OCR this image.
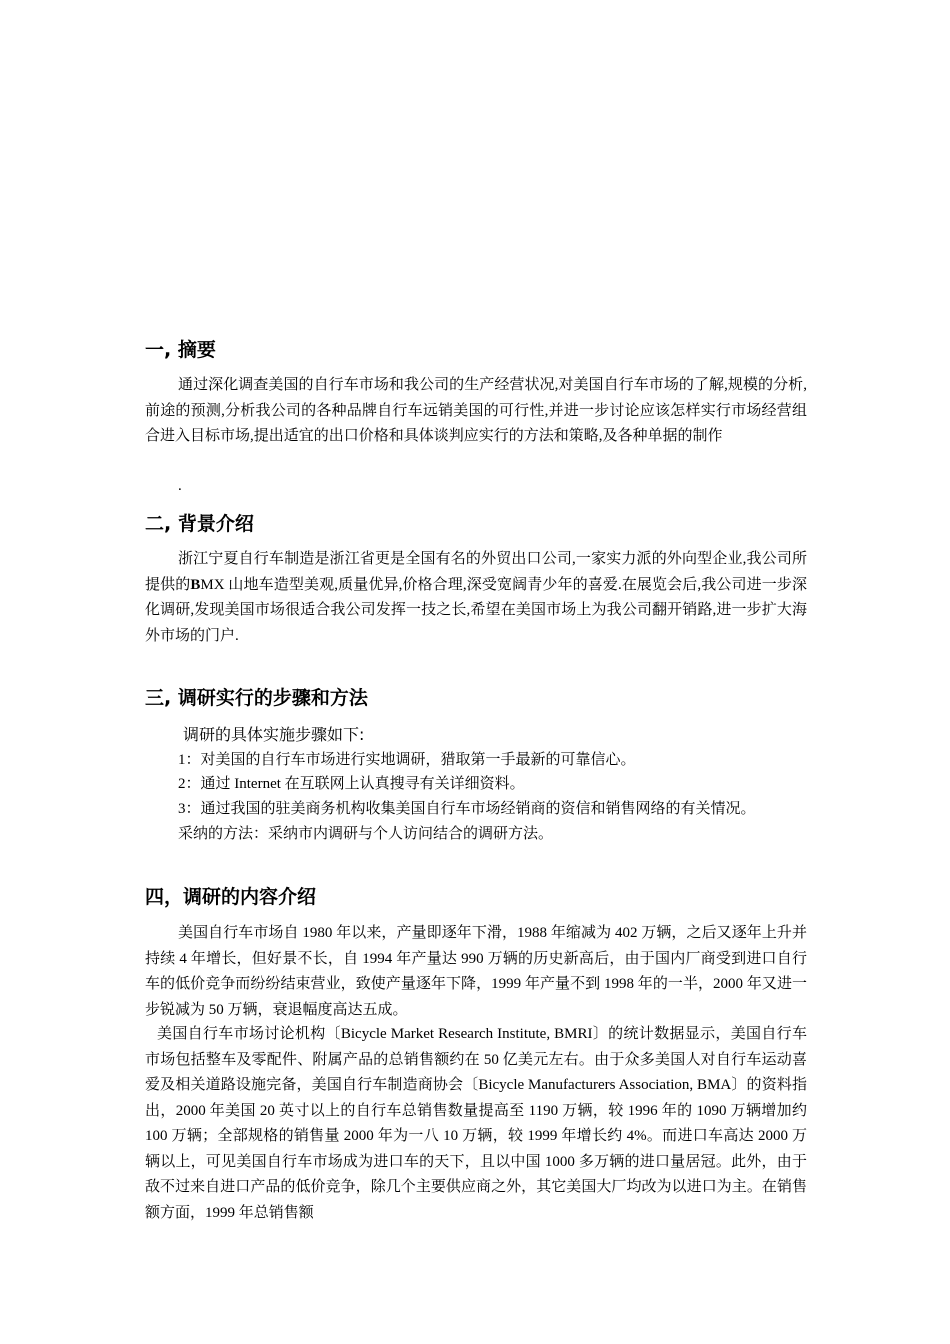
一, 摘要

通过深化调查美国的自行车市场和我公司的生产经营状况,对美国自行车市场的了解,规模的分析,前途的预测,分析我公司的各种品牌自行车远销美国的可行性,并进一步讨论应该怎样实行市场经营组合进入目标市场,提出适宜的出口价格和具体谈判应实行的方法和策略,及各种单据的制作

.
二, 背景介绍

浙江宁夏自行车制造是浙江省更是全国有名的外贸出口公司,一家实力派的外向型企业,我公司所提供的BMX 山地车造型美观,质量优异,价格合理,深受宽阔青少年的喜爱.在展览会后,我公司进一步深化调研,发现美国市场很适合我公司发挥一技之长,希望在美国市场上为我公司翻开销路,进一步扩大海外市场的门户.

三, 调研实行的步骤和方法
调研的具体实施步骤如下:
1：对美国的自行车市场进行实地调研，猎取第一手最新的可靠信心。
2：通过 Internet 在互联网上认真搜寻有关详细资料。
3：通过我国的驻美商务机构收集美国自行车市场经销商的资信和销售网络的有关情况。
采纳的方法：采纳市内调研与个人访问结合的调研方法。
四，调研的内容介绍

美国自行车市场自 1980 年以来，产量即逐年下滑，1988 年缩减为 402 万辆，之后又逐年上升并持续 4 年增长，但好景不长，自 1994 年产量达 990 万辆的历史新高后，由于国内厂商受到进口自行车的低价竞争而纷纷结束营业，致使产量逐年下降，1999 年产量不到 1998 年的一半，2000 年又进一步锐减为 50 万辆，衰退幅度高达五成。

美国自行车市场讨论机构〔Bicycle Market Research Institute, BMRI〕的统计数据显示，美国自行车市场包括整车及零配件、附属产品的总销售额约在 50 亿美元左右。由于众多美国人对自行车运动喜爱及相关道路设施完备，美国自行车制造商协会〔Bicycle Manufacturers Association, BMA〕的资料指出，2000 年美国 20 英寸以上的自行车总销售数量提高至 1190 万辆，较 1996 年的 1090 万辆增加约 100 万辆；全部规格的销售量 2000 年为一八 10 万辆，较 1999 年增长约 4%。而进口车高达 2000 万辆以上，可见美国自行车市场成为进口车的天下，且以中国 1000 多万辆的进口量居冠。此外，由于敌不过来自进口产品的低价竞争，除几个主要供应商之外，其它美国大厂均改为以进口为主。在销售额方面，1999 年总销售额
